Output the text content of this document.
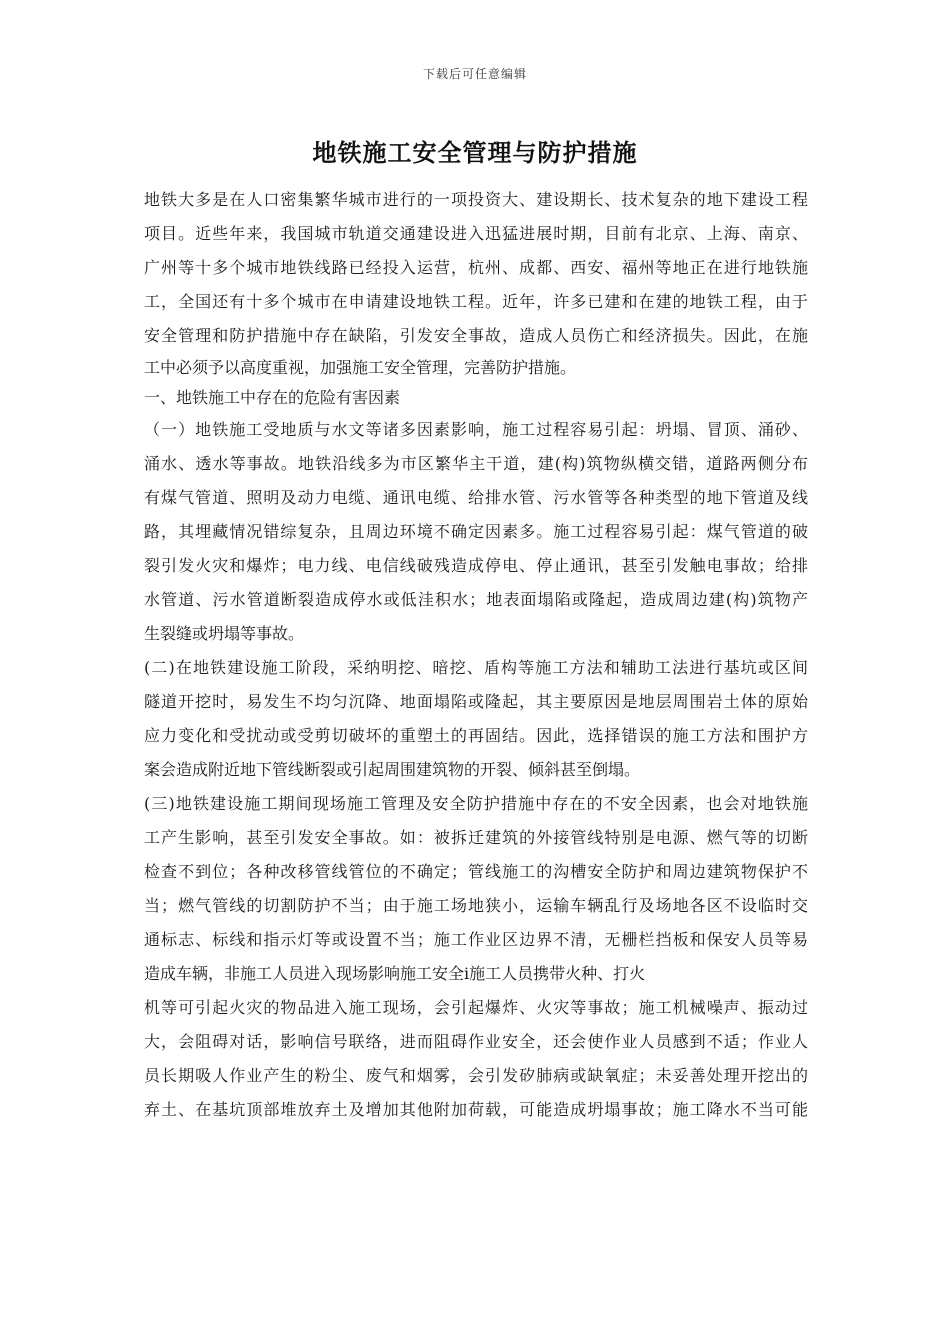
下载后可任意编辑
地铁施工安全管理与防护措施
地铁大多是在人口密集繁华城市进行的一项投资大、建设期长、技术复杂的地下建设工程
项目。近些年来，我国城市轨道交通建设进入迅猛进展时期，目前有北京、上海、南京、
广州等十多个城市地铁线路已经投入运营，杭州、成都、西安、福州等地正在进行地铁施
工，全国还有十多个城市在申请建设地铁工程。近年，许多已建和在建的地铁工程，由于
安全管理和防护措施中存在缺陷，引发安全事故，造成人员伤亡和经济损失。因此，在施
工中必须予以高度重视，加强施工安全管理，完善防护措施。
一、地铁施工中存在的危险有害因素
（一）地铁施工受地质与水文等诸多因素影响，施工过程容易引起：坍塌、冒顶、涌砂、
涌水、透水等事故。地铁沿线多为市区繁华主干道，建(构)筑物纵横交错，道路两侧分布
有煤气管道、照明及动力电缆、通讯电缆、给排水管、污水管等各种类型的地下管道及线
路，其埋藏情况错综复杂，且周边环境不确定因素多。施工过程容易引起：煤气管道的破
裂引发火灾和爆炸；电力线、电信线破残造成停电、停止通讯，甚至引发触电事故；给排
水管道、污水管道断裂造成停水或低洼积水；地表面塌陷或隆起，造成周边建(构)筑物产
生裂缝或坍塌等事故。
(二)在地铁建设施工阶段，采纳明挖、暗挖、盾构等施工方法和辅助工法进行基坑或区间
隧道开挖时，易发生不均匀沉降、地面塌陷或隆起，其主要原因是地层周围岩土体的原始
应力变化和受扰动或受剪切破坏的重塑土的再固结。因此，选择错误的施工方法和围护方
案会造成附近地下管线断裂或引起周围建筑物的开裂、倾斜甚至倒塌。
(三)地铁建设施工期间现场施工管理及安全防护措施中存在的不安全因素，也会对地铁施
工产生影响，甚至引发安全事故。如：被拆迁建筑的外接管线特别是电源、燃气等的切断
检查不到位；各种改移管线管位的不确定；管线施工的沟槽安全防护和周边建筑物保护不
当；燃气管线的切割防护不当；由于施工场地狭小，运输车辆乱行及场地各区不设临时交
通标志、标线和指示灯等或设置不当；施工作业区边界不清，无栅栏挡板和保安人员等易
造成车辆，非施工人员进入现场影响施工安全i施工人员携带火种、打火
机等可引起火灾的物品进入施工现场，会引起爆炸、火灾等事故；施工机械噪声、振动过
大，会阻碍对话，影响信号联络，进而阻碍作业安全，还会使作业人员感到不适；作业人
员长期吸人作业产生的粉尘、废气和烟雾，会引发矽肺病或缺氧症；未妥善处理开挖出的
弃土、在基坑顶部堆放弃土及增加其他附加荷载，可能造成坍塌事故；施工降水不当可能
